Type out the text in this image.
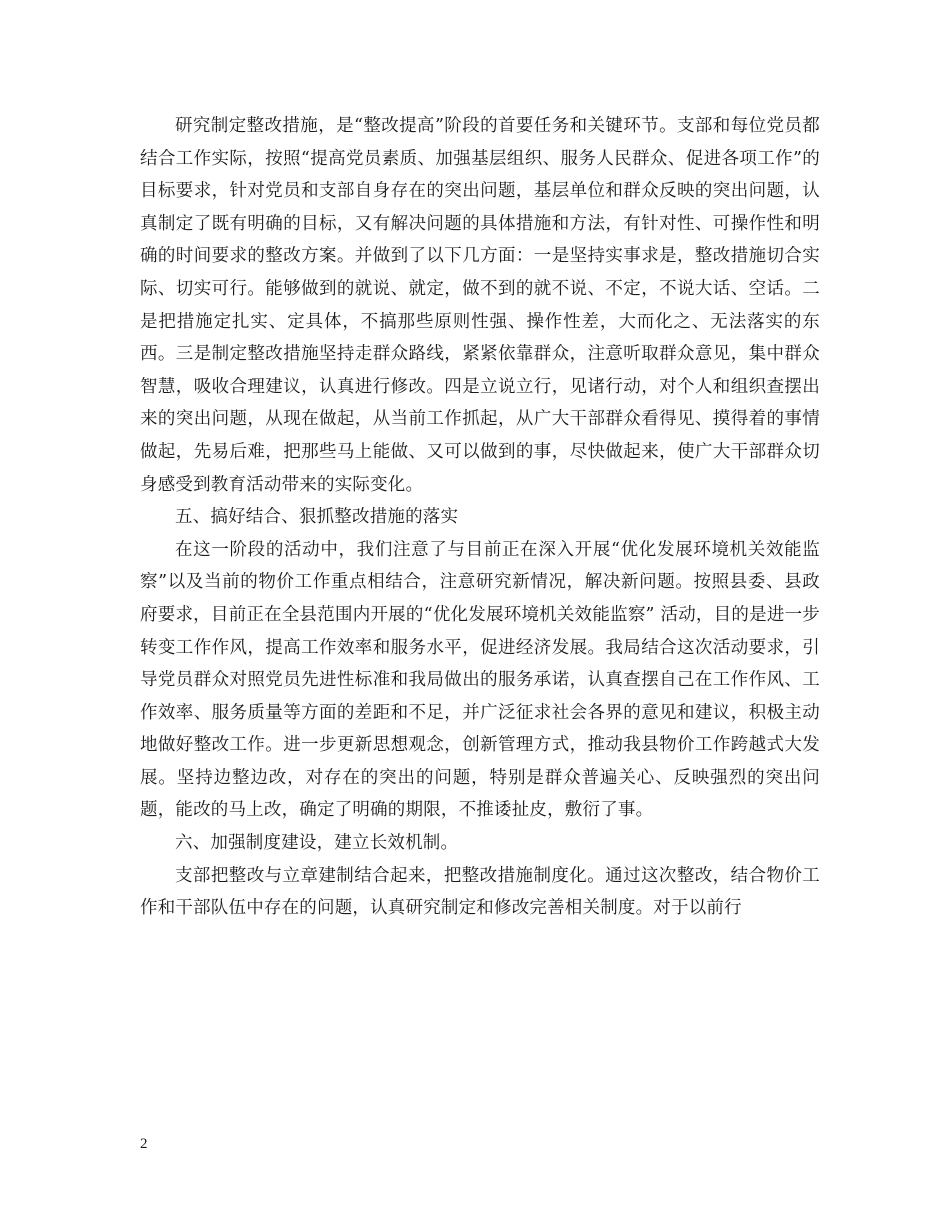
研究制定整改措施，是“整改提高”阶段的首要任务和关键环节。支部和每位党员都结合工作实际，按照“提高党员素质、加强基层组织、服务人民群众、促进各项工作”的目标要求，针对党员和支部自身存在的突出问题，基层单位和群众反映的突出问题，认真制定了既有明确的目标，又有解决问题的具体措施和方法，有针对性、可操作性和明确的时间要求的整改方案。并做到了以下几方面：一是坚持实事求是，整改措施切合实际、切实可行。能够做到的就说、就定，做不到的就不说、不定，不说大话、空话。二是把措施定扎实、定具体，不搞那些原则性强、操作性差，大而化之、无法落实的东西。三是制定整改措施坚持走群众路线，紧紧依靠群众，注意听取群众意见，集中群众智慧，吸收合理建议，认真进行修改。四是立说立行，见诸行动，对个人和组织查摆出来的突出问题，从现在做起，从当前工作抓起，从广大干部群众看得见、摸得着的事情做起，先易后难，把那些马上能做、又可以做到的事，尽快做起来，使广大干部群众切身感受到教育活动带来的实际变化。

五、搞好结合、狠抓整改措施的落实

在这一阶段的活动中，我们注意了与目前正在深入开展“优化发展环境机关效能监察”以及当前的物价工作重点相结合，注意研究新情况，解决新问题。按照县委、县政府要求，目前正在全县范围内开展的“优化发展环境机关效能监察” 活动，目的是进一步转变工作作风，提高工作效率和服务水平，促进经济发展。我局结合这次活动要求，引导党员群众对照党员先进性标准和我局做出的服务承诺，认真查摆自己在工作作风、工作效率、服务质量等方面的差距和不足，并广泛征求社会各界的意见和建议，积极主动地做好整改工作。进一步更新思想观念，创新管理方式，推动我县物价工作跨越式大发展。坚持边整边改，对存在的突出的问题，特别是群众普遍关心、反映强烈的突出问题，能改的马上改，确定了明确的期限，不推诿扯皮，敷衍了事。

六、加强制度建设，建立长效机制。

支部把整改与立章建制结合起来，把整改措施制度化。通过这次整改，结合物价工作和干部队伍中存在的问题，认真研究制定和修改完善相关制度。对于以前行

2
